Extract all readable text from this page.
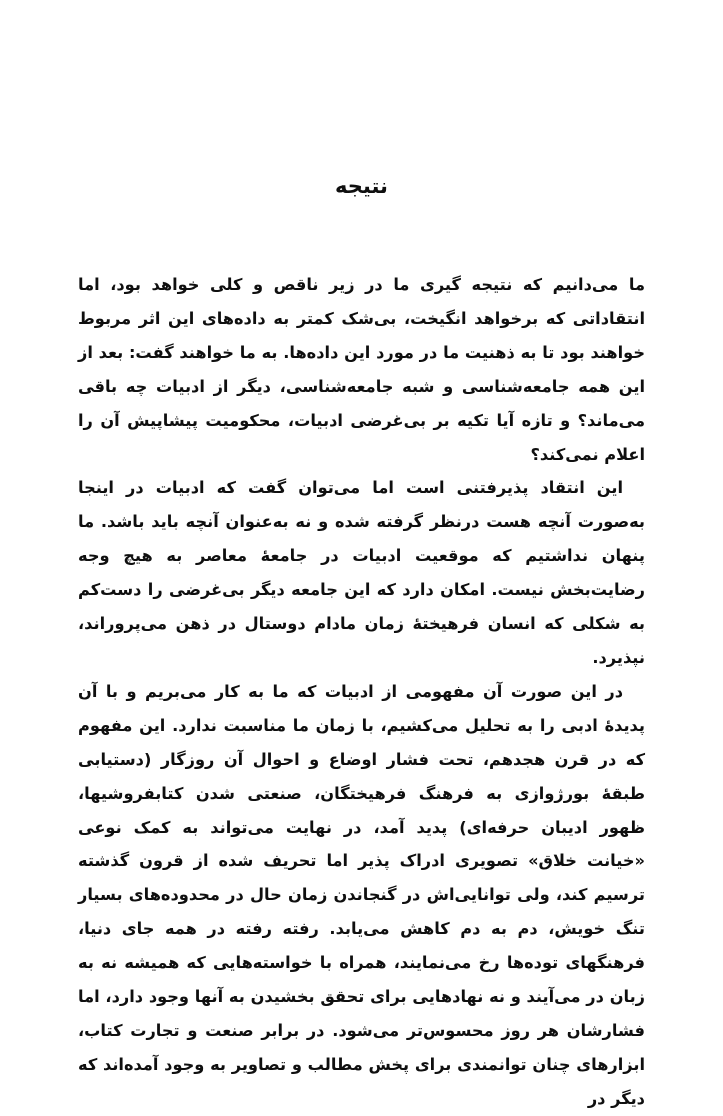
نتیجه

ما می‌دانیم که نتیجه گیری ما در زیر ناقص و کلی خواهد بود، اما انتقاداتی که برخواهد انگیخت، بی‌شک کمتر به داده‌های این اثر مربوط خواهند بود تا به ذهنیت ما در مورد این داده‌ها. به ما خواهند گفت: بعد از این همه جامعه‌شناسی و شبه جامعه‌شناسی، دیگر از ادبیات چه باقی می‌ماند؟ و تازه آیا تکیه بر بی‌غرضی ادبیات، محکومیت پیشاپیش آن را اعلام نمی‌کند؟

این انتقاد پذیرفتنی است اما می‌توان گفت که ادبیات در اینجا به‌صورت آنچه هست درنظر گرفته شده و نه به‌عنوان آنچه باید باشد. ما پنهان نداشتیم که موقعیت ادبیات در جامعهٔ معاصر به هیچ وجه رضایت‌بخش نیست. امکان دارد که این جامعه دیگر بی‌غرضی را دست‌کم به شکلی که انسان فرهیختهٔ زمان مادام دوستال در ذهن می‌پروراند، نپذیرد.

در این صورت آن مفهومی از ادبیات که ما به کار می‌بریم و با آن پدیدهٔ ادبی را به تحلیل می‌کشیم، با زمان ما مناسبت ندارد. این مفهوم که در قرن هجدهم، تحت فشار اوضاع و احوال آن روزگار (دستیابی طبقهٔ بورژوازی به فرهنگ فرهیختگان، صنعتی شدن کتابفروشیها، ظهور ادیبان حرفه‌ای) پدید آمد، در نهایت می‌تواند به کمک نوعی «خیانت خلاق» تصویری ادراک پذیر اما تحریف شده از قرون گذشته ترسیم کند، ولی توانایی‌اش در گنجاندن زمان حال در محدوده‌های بسیار تنگ خویش، دم به دم کاهش می‌یابد. رفته رفته در همه جای دنیا، فرهنگهای توده‌ها رخ می‌نمایند، همراه با خواسته‌هایی که همیشه نه به زبان در می‌آیند و نه نهادهایی برای تحقق بخشیدن به آنها وجود دارد، اما فشارشان هر روز محسوس‌تر می‌شود. در برابر صنعت و تجارت کتاب، ابزارهای چنان توانمندی برای پخش مطالب و تصاویر به وجود آمده‌اند که دیگر در
